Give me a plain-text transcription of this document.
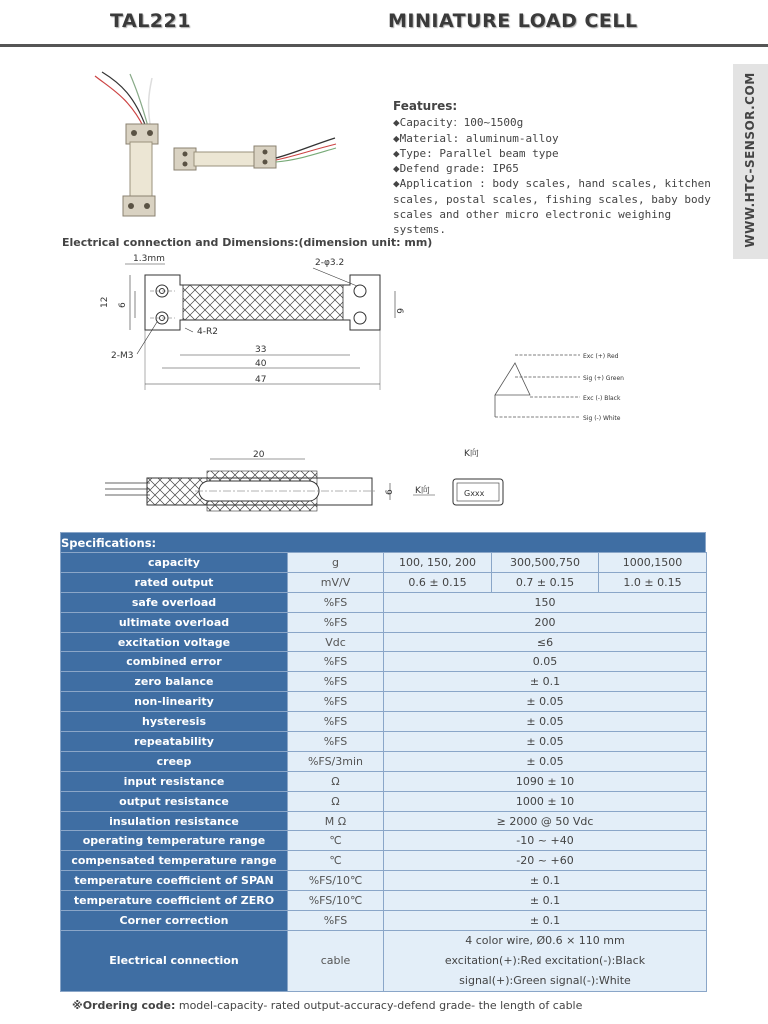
TAL221	MINIATURE LOAD CELL
WWW.HTC-SENSOR.COM
Features:
◆Capacity：100~1500g
◆Material: aluminum-alloy
◆Type: Parallel beam type
◆Defend grade: IP65
◆Application : body scales, hand scales, kitchen scales, postal scales, fishing scales, baby body scales and other micro electronic weighing systems.
Electrical connection and Dimensions:(dimension unit: mm)
12 6
6
1.3mm	2-φ3.2
4-R2
2-M3
33
40
47
Exc (+) Red
Sig (+) Green
Exc (-) Black
Sig (-) White
20
6 K向
K向
Gxxx
Specifications:
capacity	g	100, 150, 200	300,500,750	1000,1500
rated output	mV/V	0.6 ± 0.15	0.7 ± 0.15	1.0 ± 0.15
safe overload	%FS	150		
ultimate overload	%FS	200		
excitation voltage	Vdc	≤6		
combined error	%FS	0.05		
zero balance	%FS	± 0.1		
non-linearity	%FS	± 0.05		
hysteresis	%FS	± 0.05		
repeatability	%FS	± 0.05		
creep	%FS/3min	± 0.05		
input resistance	Ω	1090 ± 10		
output resistance	Ω	1000 ± 10		
insulation resistance	M Ω	≥ 2000 @ 50 Vdc		
operating temperature range	℃	-10 ~ +40		
compensated temperature range	℃	-20 ~ +60		
temperature coefficient of SPAN	%FS/10℃	± 0.1		
temperature coefficient of ZERO	%FS/10℃	± 0.1		
Corner correction	%FS	± 0.1		
Electrical connection	cable	4 color wire, Ø0.6 × 110 mm
excitation(+):Red excitation(-):Black
signal(+):Green signal(-):White		
※Ordering code: model-capacity- rated output-accuracy-defend grade- the length of cable
